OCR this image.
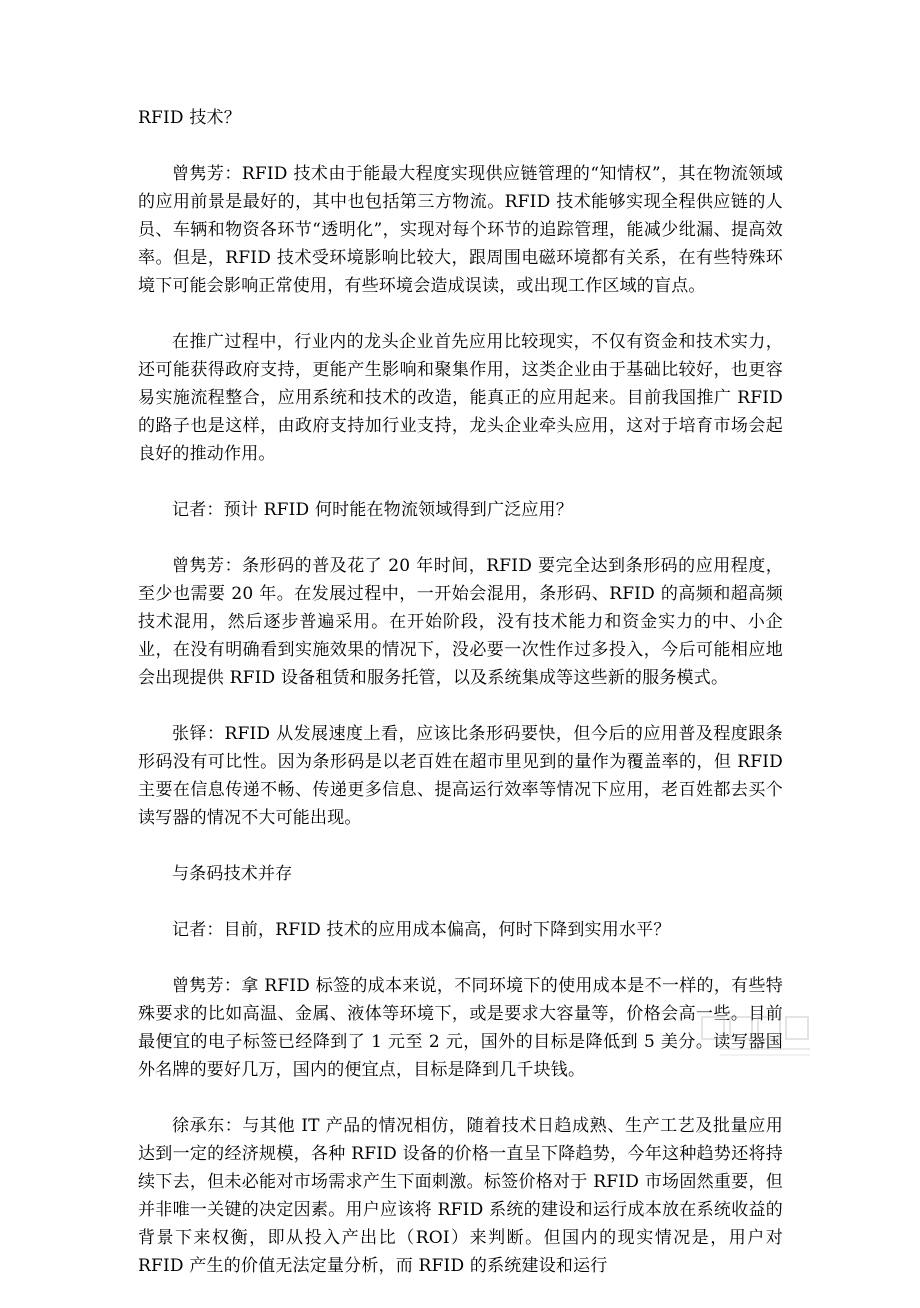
RFID 技术？

曾隽芳：RFID 技术由于能最大程度实现供应链管理的“知情权”，其在物流领域的应用前景是最好的，其中也包括第三方物流。RFID 技术能够实现全程供应链的人员、车辆和物资各环节“透明化”，实现对每个环节的追踪管理，能减少纰漏、提高效率。但是，RFID 技术受环境影响比较大，跟周围电磁环境都有关系，在有些特殊环境下可能会影响正常使用，有些环境会造成误读，或出现工作区域的盲点。

在推广过程中，行业内的龙头企业首先应用比较现实，不仅有资金和技术实力，还可能获得政府支持，更能产生影响和聚集作用，这类企业由于基础比较好，也更容易实施流程整合，应用系统和技术的改造，能真正的应用起来。目前我国推广 RFID 的路子也是这样，由政府支持加行业支持，龙头企业牵头应用，这对于培育市场会起良好的推动作用。

记者：预计 RFID 何时能在物流领域得到广泛应用？

曾隽芳：条形码的普及花了 20 年时间，RFID 要完全达到条形码的应用程度，至少也需要 20 年。在发展过程中，一开始会混用，条形码、RFID 的高频和超高频技术混用，然后逐步普遍采用。在开始阶段，没有技术能力和资金实力的中、小企业，在没有明确看到实施效果的情况下，没必要一次性作过多投入，今后可能相应地会出现提供 RFID 设备租赁和服务托管，以及系统集成等这些新的服务模式。

张铎：RFID 从发展速度上看，应该比条形码要快，但今后的应用普及程度跟条形码没有可比性。因为条形码是以老百姓在超市里见到的量作为覆盖率的，但 RFID 主要在信息传递不畅、传递更多信息、提高运行效率等情况下应用，老百姓都去买个读写器的情况不大可能出现。

与条码技术并存

记者：目前，RFID 技术的应用成本偏高，何时下降到实用水平？

曾隽芳：拿 RFID 标签的成本来说，不同环境下的使用成本是不一样的，有些特殊要求的比如高温、金属、液体等环境下，或是要求大容量等，价格会高一些。目前最便宜的电子标签已经降到了 1 元至 2 元，国外的目标是降低到 5 美分。读写器国外名牌的要好几万，国内的便宜点，目标是降到几千块钱。

徐承东：与其他 IT 产品的情况相仿，随着技术日趋成熟、生产工艺及批量应用达到一定的经济规模，各种 RFID 设备的价格一直呈下降趋势，今年这种趋势还将持续下去，但未必能对市场需求产生下面刺激。标签价格对于 RFID 市场固然重要，但并非唯一关键的决定因素。用户应该将 RFID 系统的建设和运行成本放在系统收益的背景下来权衡，即从投入产出比（ROI）来判断。但国内的现实情况是，用户对 RFID 产生的价值无法定量分析，而 RFID 的系统建设和运行
